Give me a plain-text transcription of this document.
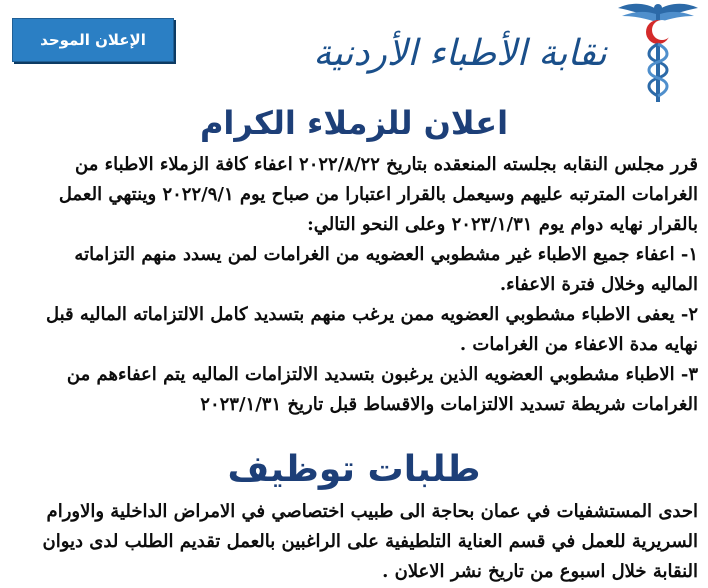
الإعلان الموحد	نقابة الأطباء الأردنية
اعلان للزملاء الكرام
قرر مجلس النقابه بجلسته المنعقده بتاريخ ٢٠٢٢/٨/٢٢ اعفاء كافة الزملاء الاطباء من
الغرامات المترتبه عليهم وسيعمل بالقرار اعتبارا من صباح يوم ٢٠٢٢/٩/١ وينتهي العمل
بالقرار نهايه دوام يوم ٢٠٢٣/١/٣١ وعلى النحو التالي:
١- اعفاء جميع الاطباء غير مشطوبي العضويه من الغرامات لمن يسدد منهم التزاماته
الماليه وخلال فترة الاعفاء.
٢- يعفى الاطباء مشطوبي العضويه ممن يرغب منهم بتسديد كامل الالتزاماته الماليه قبل
نهايه مدة الاعفاء من الغرامات .
٣- الاطباء مشطوبي العضويه الذين يرغبون بتسديد الالتزامات الماليه يتم اعفاءهم من
الغرامات شريطة تسديد الالتزامات والاقساط قبل تاريخ ٢٠٢٣/١/٣١
طلبات توظيف
احدى المستشفيات في عمان بحاجة الى طبيب اختصاصي في الامراض الداخلية والاورام
السريرية للعمل في قسم العناية التلطيفية على الراغبين بالعمل تقديم الطلب لدى ديوان
النقابة خلال اسبوع من تاريخ نشر الاعلان .
